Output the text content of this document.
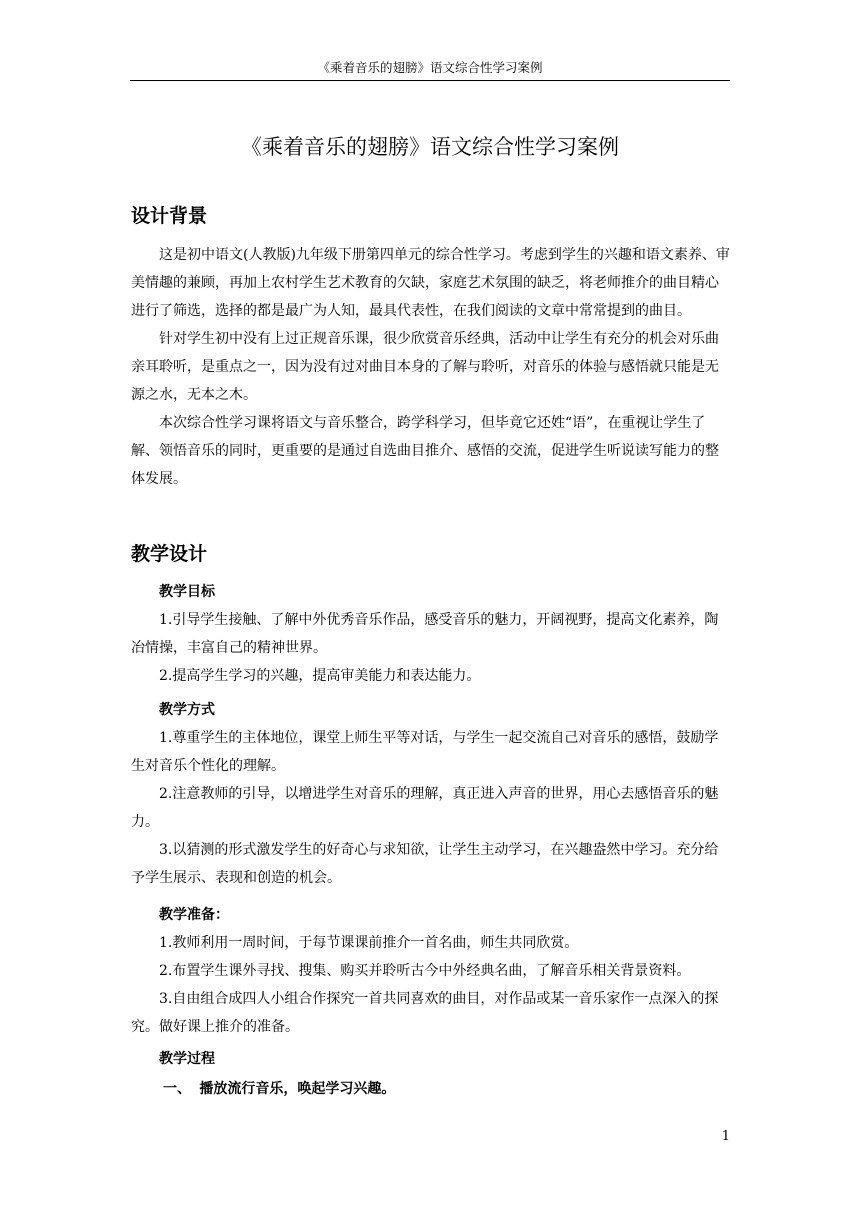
《乘着音乐的翅膀》语文综合性学习案例
《乘着音乐的翅膀》语文综合性学习案例
设计背景

这是初中语文(人教版)九年级下册第四单元的综合性学习。考虑到学生的兴趣和语文素养、审美情趣的兼顾，再加上农村学生艺术教育的欠缺，家庭艺术氛围的缺乏，将老师推介的曲目精心进行了筛选，选择的都是最广为人知，最具代表性，在我们阅读的文章中常常提到的曲目。

针对学生初中没有上过正规音乐课，很少欣赏音乐经典，活动中让学生有充分的机会对乐曲亲耳聆听，是重点之一，因为没有过对曲目本身的了解与聆听，对音乐的体验与感悟就只能是无源之水，无本之木。

本次综合性学习课将语文与音乐整合，跨学科学习，但毕竟它还姓“语”，在重视让学生了解、领悟音乐的同时，更重要的是通过自选曲目推介、感悟的交流，促进学生听说读写能力的整体发展。

教学设计
教学目标

1.引导学生接触、了解中外优秀音乐作品，感受音乐的魅力，开阔视野，提高文化素养，陶冶情操，丰富自己的精神世界。

2.提高学生学习的兴趣，提高审美能力和表达能力。

教学方式

1.尊重学生的主体地位，课堂上师生平等对话，与学生一起交流自己对音乐的感悟，鼓励学生对音乐个性化的理解。

2.注意教师的引导，以增进学生对音乐的理解，真正进入声音的世界，用心去感悟音乐的魅力。

3.以猜测的形式激发学生的好奇心与求知欲，让学生主动学习，在兴趣盎然中学习。充分给予学生展示、表现和创造的机会。

教学准备：

1.教师利用一周时间，于每节课课前推介一首名曲，师生共同欣赏。

2.布置学生课外寻找、搜集、购买并聆听古今中外经典名曲，了解音乐相关背景资料。

3.自由组合成四人小组合作探究一首共同喜欢的曲目，对作品或某一音乐家作一点深入的探究。做好课上推介的准备。

教学过程
一、 播放流行音乐，唤起学习兴趣。
1
